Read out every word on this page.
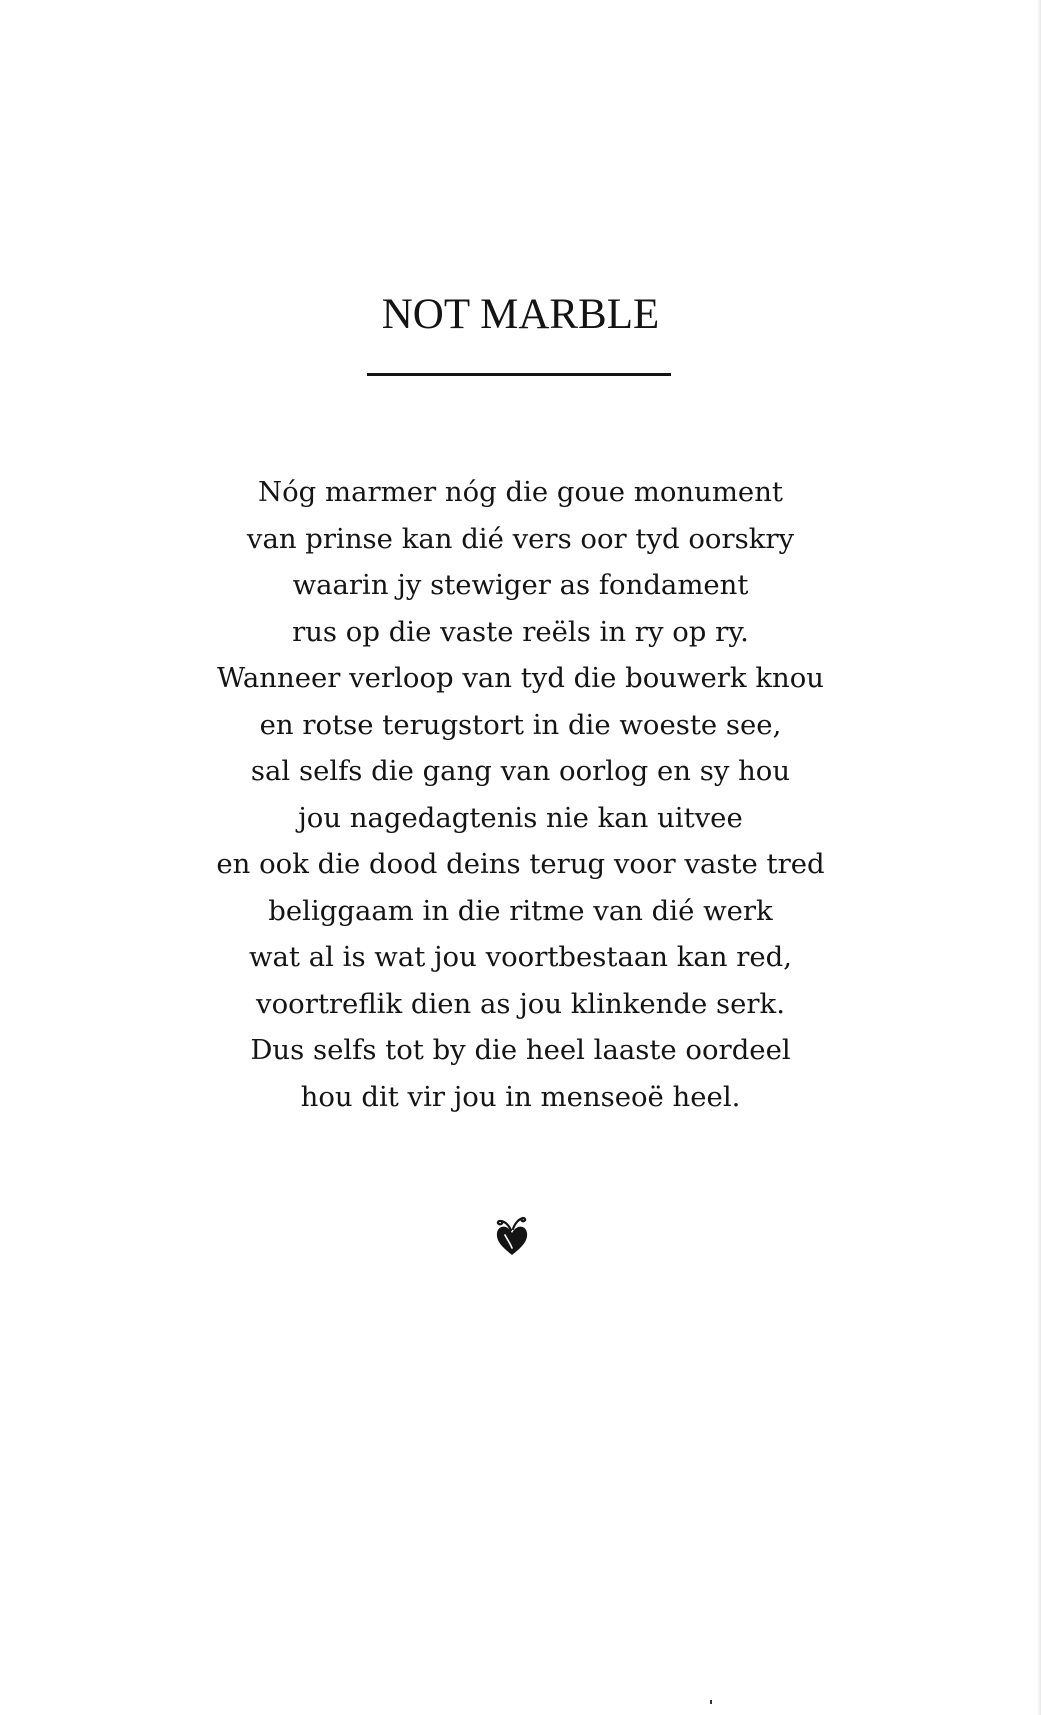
NOT MARBLE
Nóg marmer nóg die goue monument
van prinse kan dié vers oor tyd oorskry
waarin jy stewiger as fondament
rus op die vaste reëls in ry op ry.
Wanneer verloop van tyd die bouwerk knou
en rotse terugstort in die woeste see,
sal selfs die gang van oorlog en sy hou
jou nagedagtenis nie kan uitvee
en ook die dood deins terug voor vaste tred
beliggaam in die ritme van dié werk
wat al is wat jou voortbestaan kan red,
voortreflik dien as jou klinkende serk.
Dus selfs tot by die heel laaste oordeel
hou dit vir jou in menseoë heel.
